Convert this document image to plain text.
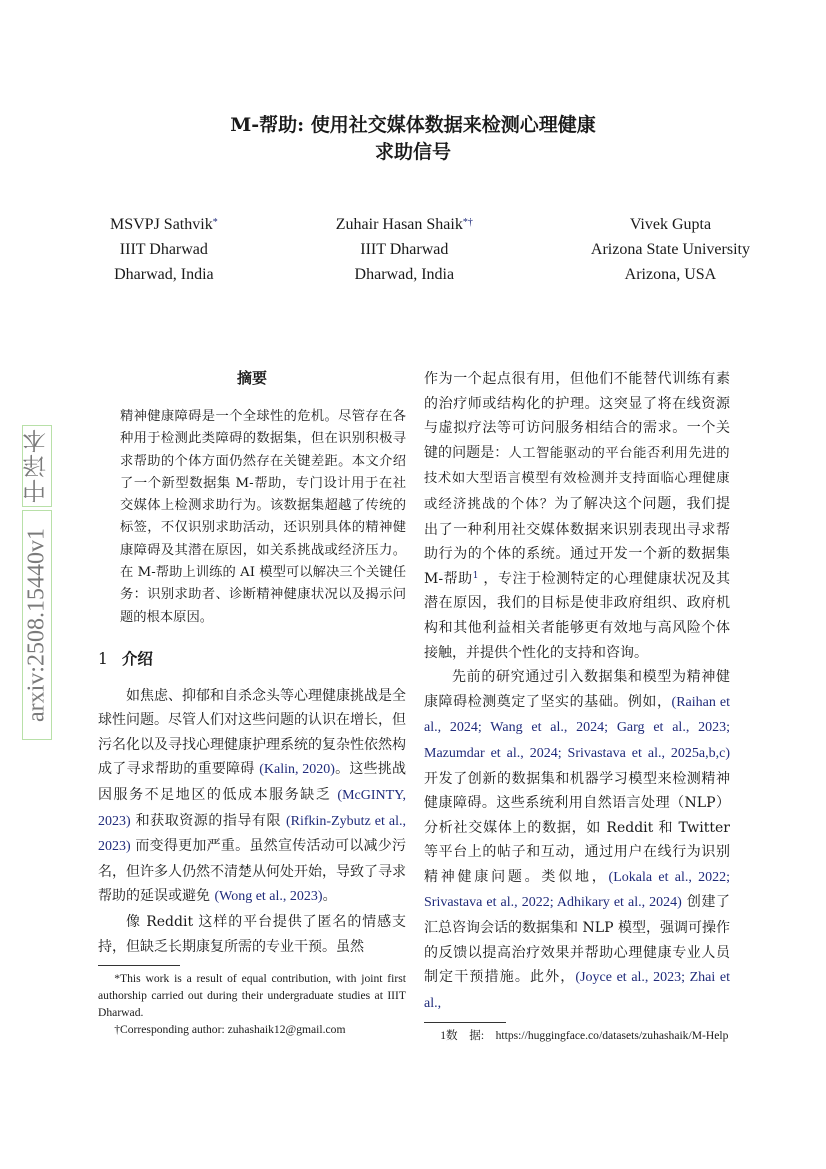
M-帮助: 使用社交媒体数据来检测心理健康
求助信号
MSVPJ Sathvik*
IIIT Dharwad
Dharwad, India
Zuhair Hasan Shaik*†
IIIT Dharwad
Dharwad, India
Vivek Gupta
Arizona State University
Arizona, USA
中译本
arxiv:2508.15440v1
摘要

精神健康障碍是一个全球性的危机。尽管存在各种用于检测此类障碍的数据集，但在识别积极寻求帮助的个体方面仍然存在关键差距。本文介绍了一个新型数据集 M-帮助，专门设计用于在社交媒体上检测求助行为。该数据集超越了传统的标签，不仅识别求助活动，还识别具体的精神健康障碍及其潜在原因，如关系挑战或经济压力。在 M-帮助上训练的 AI 模型可以解决三个关键任务：识别求助者、诊断精神健康状况以及揭示问题的根本原因。

1 介绍

如焦虑、抑郁和自杀念头等心理健康挑战是全球性问题。尽管人们对这些问题的认识在增长，但污名化以及寻找心理健康护理系统的复杂性依然构成了寻求帮助的重要障碍 (Kalin, 2020)。这些挑战因服务不足地区的低成本服务缺乏 (McGINTY, 2023) 和获取资源的指导有限 (Rifkin-Zybutz et al., 2023) 而变得更加严重。虽然宣传活动可以减少污名，但许多人仍然不清楚从何处开始，导致了寻求帮助的延误或避免 (Wong et al., 2023)。

像 Reddit 这样的平台提供了匿名的情感支持，但缺乏长期康复所需的专业干预。虽然

*This work is a result of equal contribution, with joint first authorship carried out during their undergraduate studies at IIIT Dharwad.

†Corresponding author: zuhashaik12@gmail.com

作为一个起点很有用，但他们不能替代训练有素的治疗师或结构化的护理。这突显了将在线资源与虚拟疗法等可访问服务相结合的需求。一个关键的问题是：人工智能驱动的平台能否利用先进的技术如大型语言模型有效检测并支持面临心理健康或经济挑战的个体？为了解决这个问题，我们提出了一种利用社交媒体数据来识别表现出寻求帮助行为的个体的系统。通过开发一个新的数据集 M-帮助$^1$ ，专注于检测特定的心理健康状况及其潜在原因，我们的目标是使非政府组织、政府机构和其他利益相关者能够更有效地与高风险个体接触，并提供个性化的支持和咨询。

先前的研究通过引入数据集和模型为精神健康障碍检测奠定了坚实的基础。例如，(Raihan et al., 2024; Wang et al., 2024; Garg et al., 2023; Mazumdar et al., 2024; Srivastava et al., 2025a,b,c) 开发了创新的数据集和机器学习模型来检测精神健康障碍。这些系统利用自然语言处理（NLP）分析社交媒体上的数据，如 Reddit 和 Twitter 等平台上的帖子和互动，通过用户在线行为识别精神健康问题。类似地，(Lokala et al., 2022; Srivastava et al., 2022; Adhikary et al., 2024) 创建了汇总咨询会话的数据集和 NLP 模型，强调可操作的反馈以提高治疗效果并帮助心理健康专业人员制定干预措施。此外，(Joyce et al., 2023; Zhai et al.,

1数　据:　https://huggingface.co/datasets/zuhashaik/M-Help
